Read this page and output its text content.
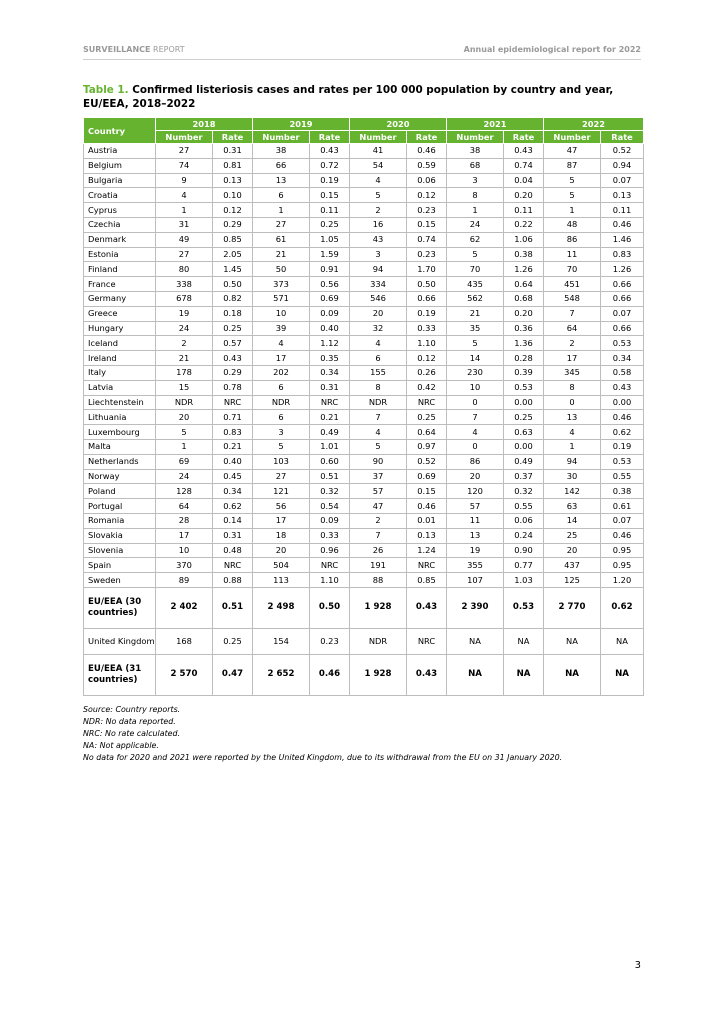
SURVEILLANCE REPORT	Annual epidemiological report for 2022
Table 1. Confirmed listeriosis cases and rates per 100 000 population by country and year, EU/EEA, 2018–2022
Country	2018		2019		2020		2021		2022	
	Number	Rate	Number	Rate	Number	Rate	Number	Rate	Number	Rate
Austria	27	0.31	38	0.43	41	0.46	38	0.43	47	0.52
Belgium	74	0.81	66	0.72	54	0.59	68	0.74	87	0.94
Bulgaria	9	0.13	13	0.19	4	0.06	3	0.04	5	0.07
Croatia	4	0.10	6	0.15	5	0.12	8	0.20	5	0.13
Cyprus	1	0.12	1	0.11	2	0.23	1	0.11	1	0.11
Czechia	31	0.29	27	0.25	16	0.15	24	0.22	48	0.46
Denmark	49	0.85	61	1.05	43	0.74	62	1.06	86	1.46
Estonia	27	2.05	21	1.59	3	0.23	5	0.38	11	0.83
Finland	80	1.45	50	0.91	94	1.70	70	1.26	70	1.26
France	338	0.50	373	0.56	334	0.50	435	0.64	451	0.66
Germany	678	0.82	571	0.69	546	0.66	562	0.68	548	0.66
Greece	19	0.18	10	0.09	20	0.19	21	0.20	7	0.07
Hungary	24	0.25	39	0.40	32	0.33	35	0.36	64	0.66
Iceland	2	0.57	4	1.12	4	1.10	5	1.36	2	0.53
Ireland	21	0.43	17	0.35	6	0.12	14	0.28	17	0.34
Italy	178	0.29	202	0.34	155	0.26	230	0.39	345	0.58
Latvia	15	0.78	6	0.31	8	0.42	10	0.53	8	0.43
Liechtenstein	NDR	NRC	NDR	NRC	NDR	NRC	0	0.00	0	0.00
Lithuania	20	0.71	6	0.21	7	0.25	7	0.25	13	0.46
Luxembourg	5	0.83	3	0.49	4	0.64	4	0.63	4	0.62
Malta	1	0.21	5	1.01	5	0.97	0	0.00	1	0.19
Netherlands	69	0.40	103	0.60	90	0.52	86	0.49	94	0.53
Norway	24	0.45	27	0.51	37	0.69	20	0.37	30	0.55
Poland	128	0.34	121	0.32	57	0.15	120	0.32	142	0.38
Portugal	64	0.62	56	0.54	47	0.46	57	0.55	63	0.61
Romania	28	0.14	17	0.09	2	0.01	11	0.06	14	0.07
Slovakia	17	0.31	18	0.33	7	0.13	13	0.24	25	0.46
Slovenia	10	0.48	20	0.96	26	1.24	19	0.90	20	0.95
Spain	370	NRC	504	NRC	191	NRC	355	0.77	437	0.95
Sweden	89	0.88	113	1.10	88	0.85	107	1.03	125	1.20
EU/EEA (30 countries)	2 402	0.51	2 498	0.50	1 928	0.43	2 390	0.53	2 770	0.62
United Kingdom	168	0.25	154	0.23	NDR	NRC	NA	NA	NA	NA
EU/EEA (31 countries)	2 570	0.47	2 652	0.46	1 928	0.43	NA	NA	NA	NA
Source: Country reports.
NDR: No data reported.
NRC: No rate calculated.
NA: Not applicable.
No data for 2020 and 2021 were reported by the United Kingdom, due to its withdrawal from the EU on 31 January 2020.
3
